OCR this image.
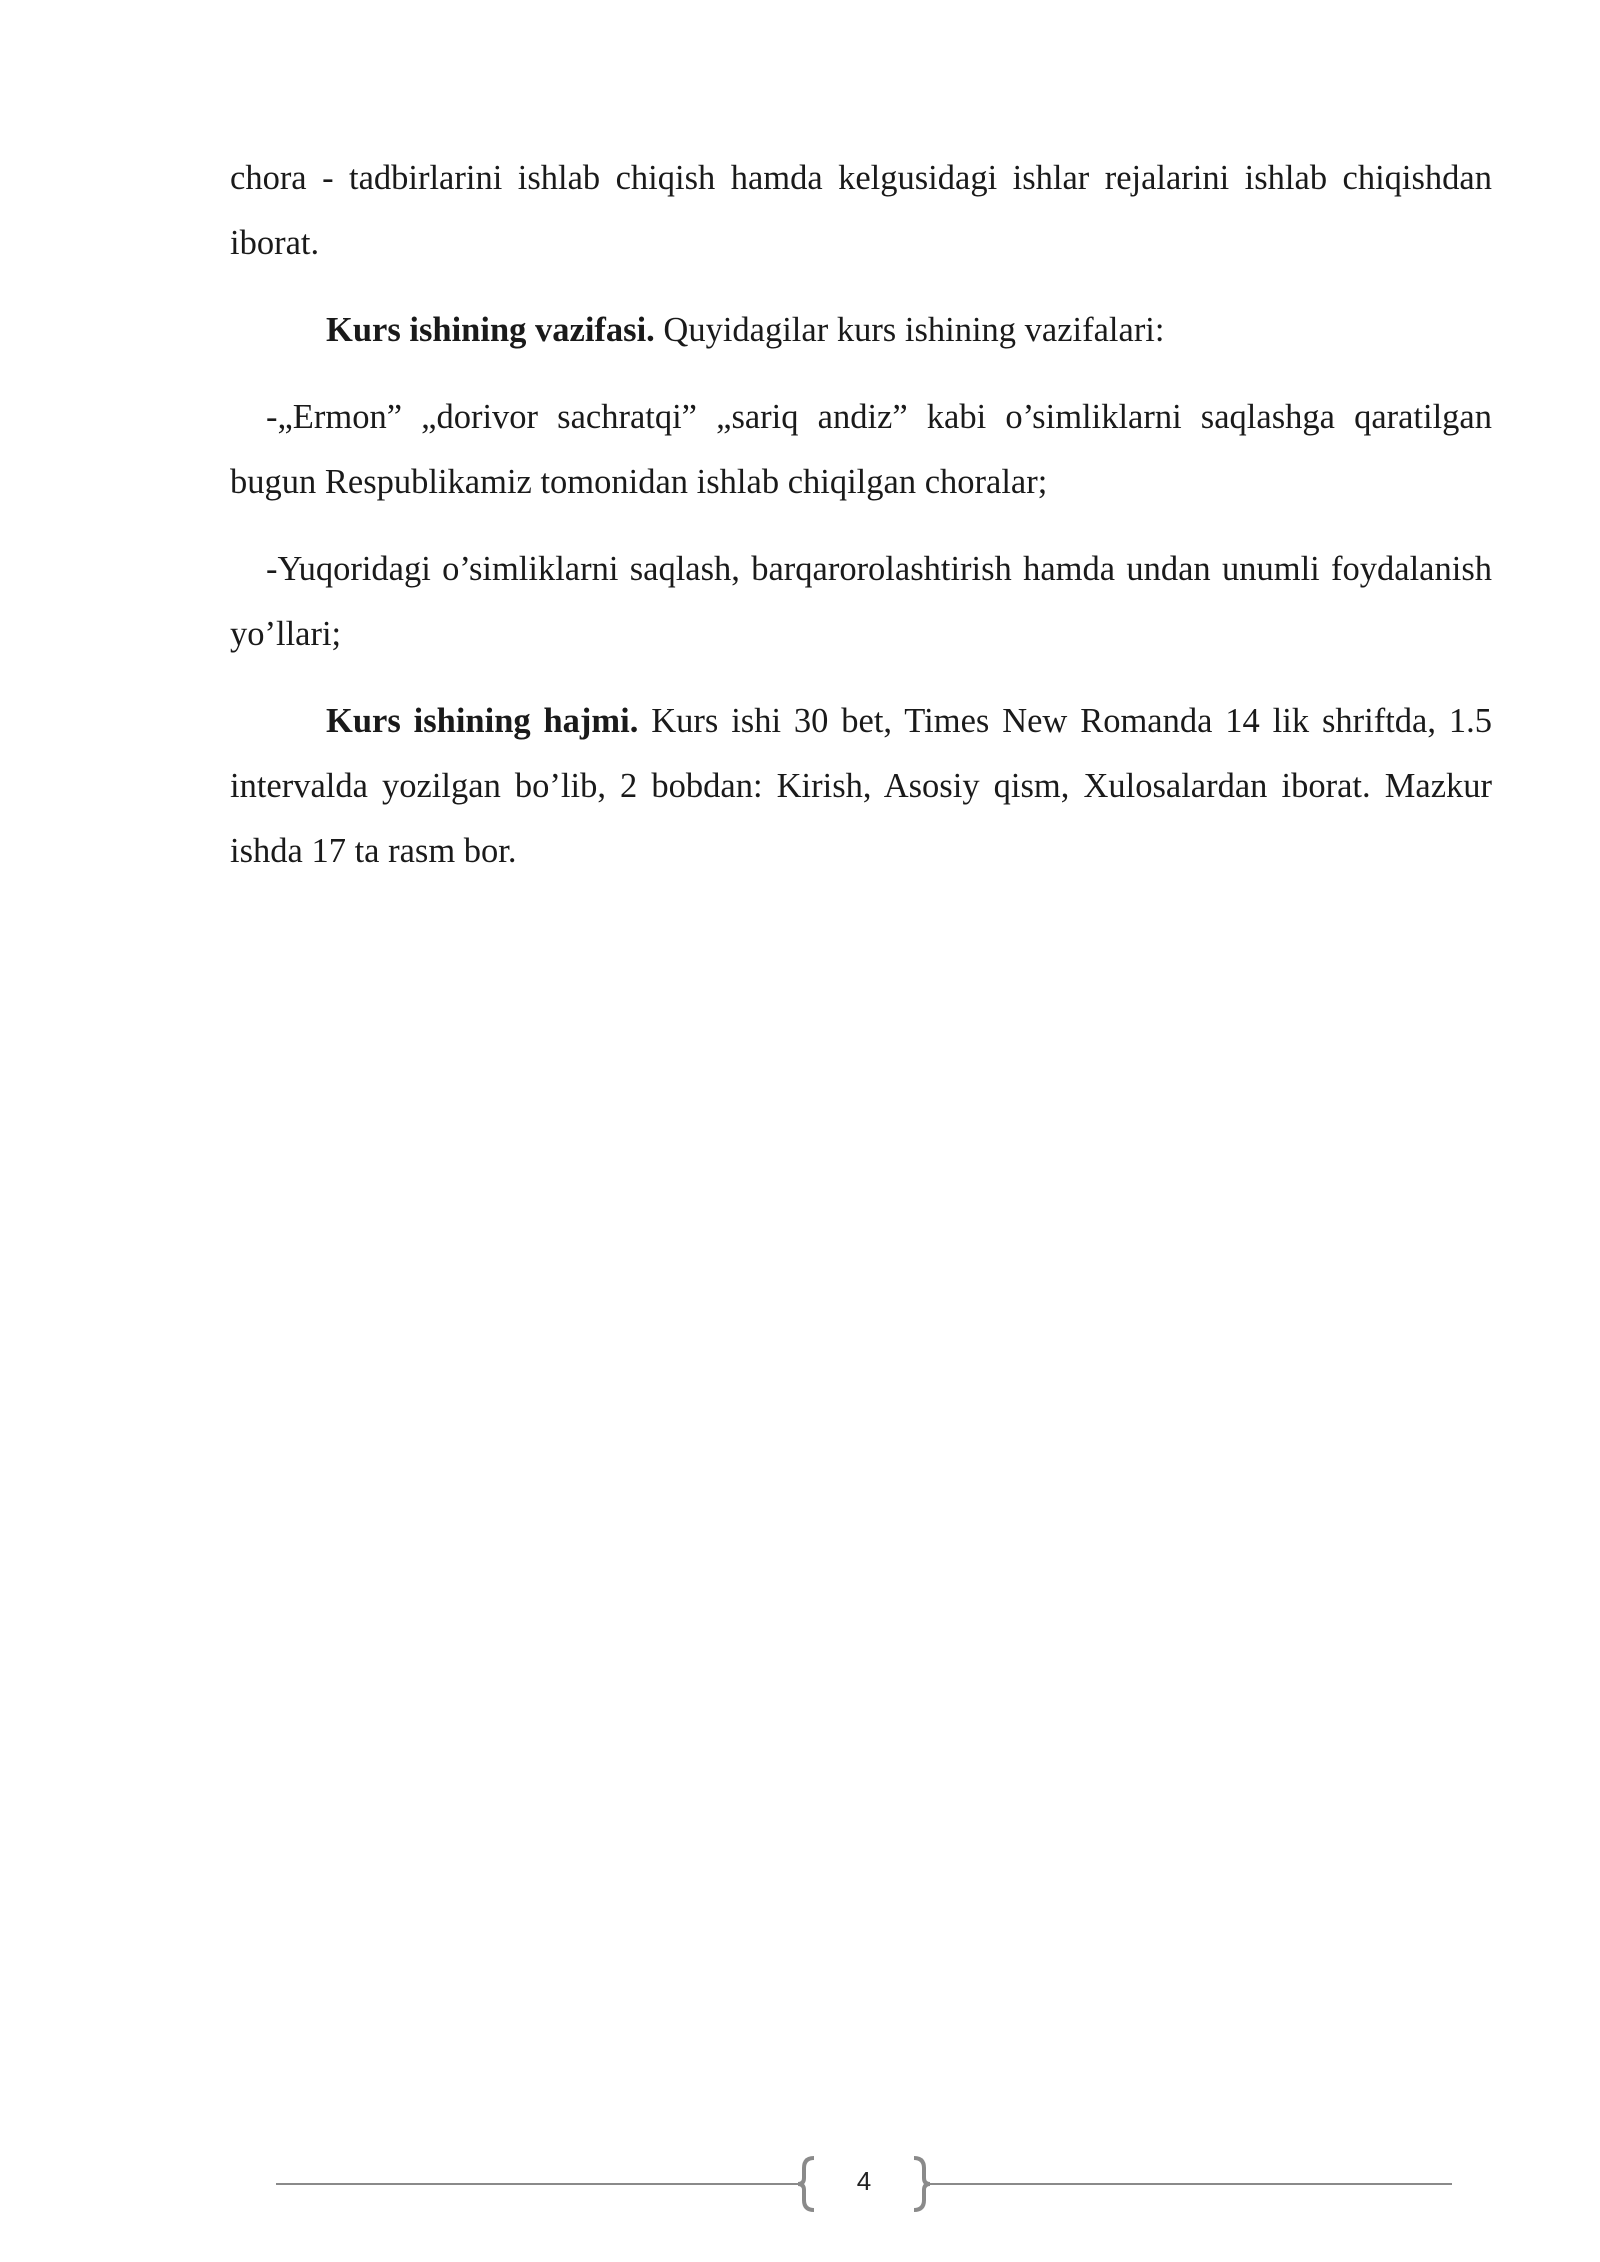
chora - tadbirlarini ishlab chiqish hamda kelgusidagi ishlar rejalarini ishlab chiqishdan iborat.

Kurs ishining vazifasi. Quyidagilar kurs ishining vazifalari:

-„Ermon” „dorivor sachratqi” „sariq andiz” kabi o’simliklarni saqlashga qaratilgan bugun Respublikamiz tomonidan ishlab chiqilgan choralar;

-Yuqoridagi o’simliklarni saqlash, barqarorolashtirish hamda undan unumli foydalanish yo’llari;

Kurs ishining hajmi. Kurs ishi 30 bet, Times New Romanda 14 lik shriftda, 1.5 intervalda yozilgan bo’lib, 2 bobdan: Kirish, Asosiy qism, Xulosalardan iborat. Mazkur ishda 17 ta rasm bor.

4
